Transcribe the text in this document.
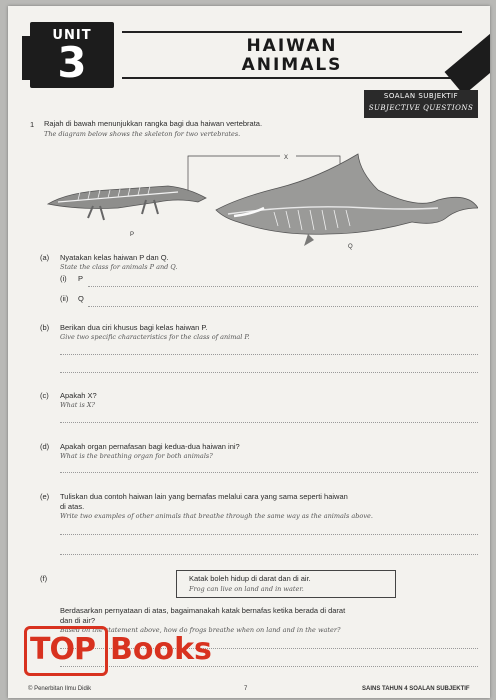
UNIT
3	HAIWAN
ANIMALS
SOALAN SUBJEKTIF
SUBJECTIVE QUESTIONS
1 Rajah di bawah menunjukkan rangka bagi dua haiwan vertebrata.
The diagram below shows the skeleton for two vertebrates.
P
X
Q
(a) Nyatakan kelas haiwan P dan Q.
State the class for animals P and Q.
(i) P
(ii) Q
(b) Berikan dua ciri khusus bagi kelas haiwan P.
Give two specific characteristics for the class of animal P.
(c) Apakah X?
What is X?
(d) Apakah organ pernafasan bagi kedua-dua haiwan ini?
What is the breathing organ for both animals?
(e) Tuliskan dua contoh haiwan lain yang bernafas melalui cara yang sama seperti haiwan
di atas.
Write two examples of other animals that breathe through the same way as the animals above.
(f)	Katak boleh hidup di darat dan di air.
Frog can live on land and in water.
Berdasarkan pernyataan di atas, bagaimanakah katak bernafas ketika berada di darat
dan di air?
Based on the statement above, how do frogs breathe when on land and in the water?
TOP Books
© Penerbitan Ilmu Didik	7	SAINS TAHUN 4 SOALAN SUBJEKTIF
